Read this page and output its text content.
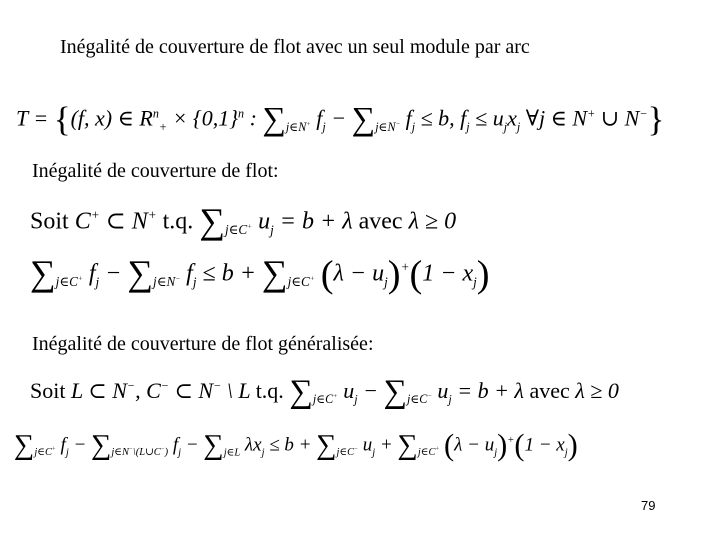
Inégalité de couverture de flot avec un seul module par arc
T = {(f, x) ∈ $R^n_+ \times \{0,1\}^n$ : $\sum_{j\in N^+}$ $f_j - \sum_{j\in N^-}$ $f_j \le b$, $f_j \le u_jx_j$ ∀j ∈ N+ ∪ N−}
Inégalité de couverture de flot:
Soit C+ ⊂ N+ t.q. $\sum_{j\in C^+}$ $u_j = b + \lambda$ avec λ ≥ 0
$\sum_{j\in C^+}$ $f_j - \sum_{j\in N^-}$ $f_j \le b + \sum_{j\in C^+}$ $(\lambda - u_j)^+(1 - x_j)$
Inégalité de couverture de flot généralisée:
Soit L ⊂ N−, C− ⊂ N− \ L t.q. $\sum_{j\in C^+}$ $u_j - \sum_{j\in C^-}$ $u_j = b + \lambda$ avec λ ≥ 0
$\sum_{j\in C^+}$ $f_j - \sum_{j\in N^-\backslash(L\cup C^-)}$ $f_j - \sum_{j\in L}$ $\lambda x_j \le b + \sum_{j\in C^-}$ $u_j + \sum_{j\in C^+}$ $(\lambda - u_j)^+(1 - x_j)$
79
